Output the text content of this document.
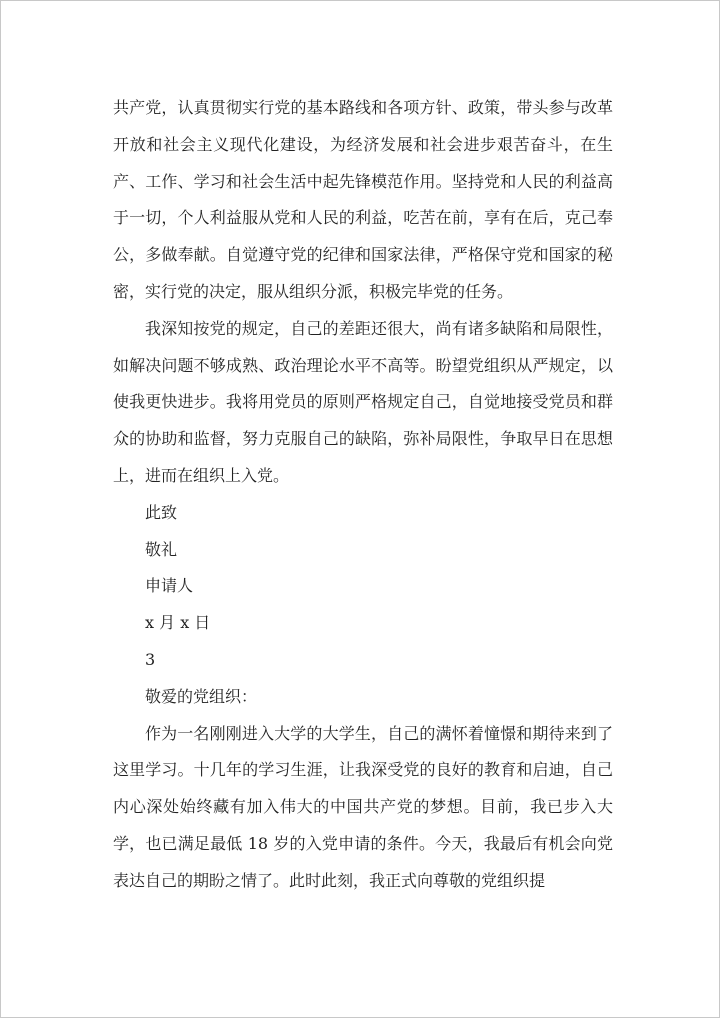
共产党，认真贯彻实行党的基本路线和各项方针、政策，带头参与改革开放和社会主义现代化建设，为经济发展和社会进步艰苦奋斗，在生产、工作、学习和社会生活中起先锋模范作用。坚持党和人民的利益高于一切，个人利益服从党和人民的利益，吃苦在前，享有在后，克己奉公，多做奉献。自觉遵守党的纪律和国家法律，严格保守党和国家的秘密，实行党的决定，服从组织分派，积极完毕党的任务。

我深知按党的规定，自己的差距还很大，尚有诸多缺陷和局限性，如解决问题不够成熟、政治理论水平不高等。盼望党组织从严规定，以使我更快进步。我将用党员的原则严格规定自己，自觉地接受党员和群众的协助和监督，努力克服自己的缺陷，弥补局限性，争取早日在思想上，进而在组织上入党。

此致

敬礼

申请人

x 月 x 日

3

敬爱的党组织：

作为一名刚刚进入大学的大学生，自己的满怀着憧憬和期待来到了这里学习。十几年的学习生涯，让我深受党的良好的教育和启迪，自己内心深处始终藏有加入伟大的中国共产党的梦想。目前，我已步入大学，也已满足最低 18 岁的入党申请的条件。今天，我最后有机会向党表达自己的期盼之情了。此时此刻，我正式向尊敬的党组织提
